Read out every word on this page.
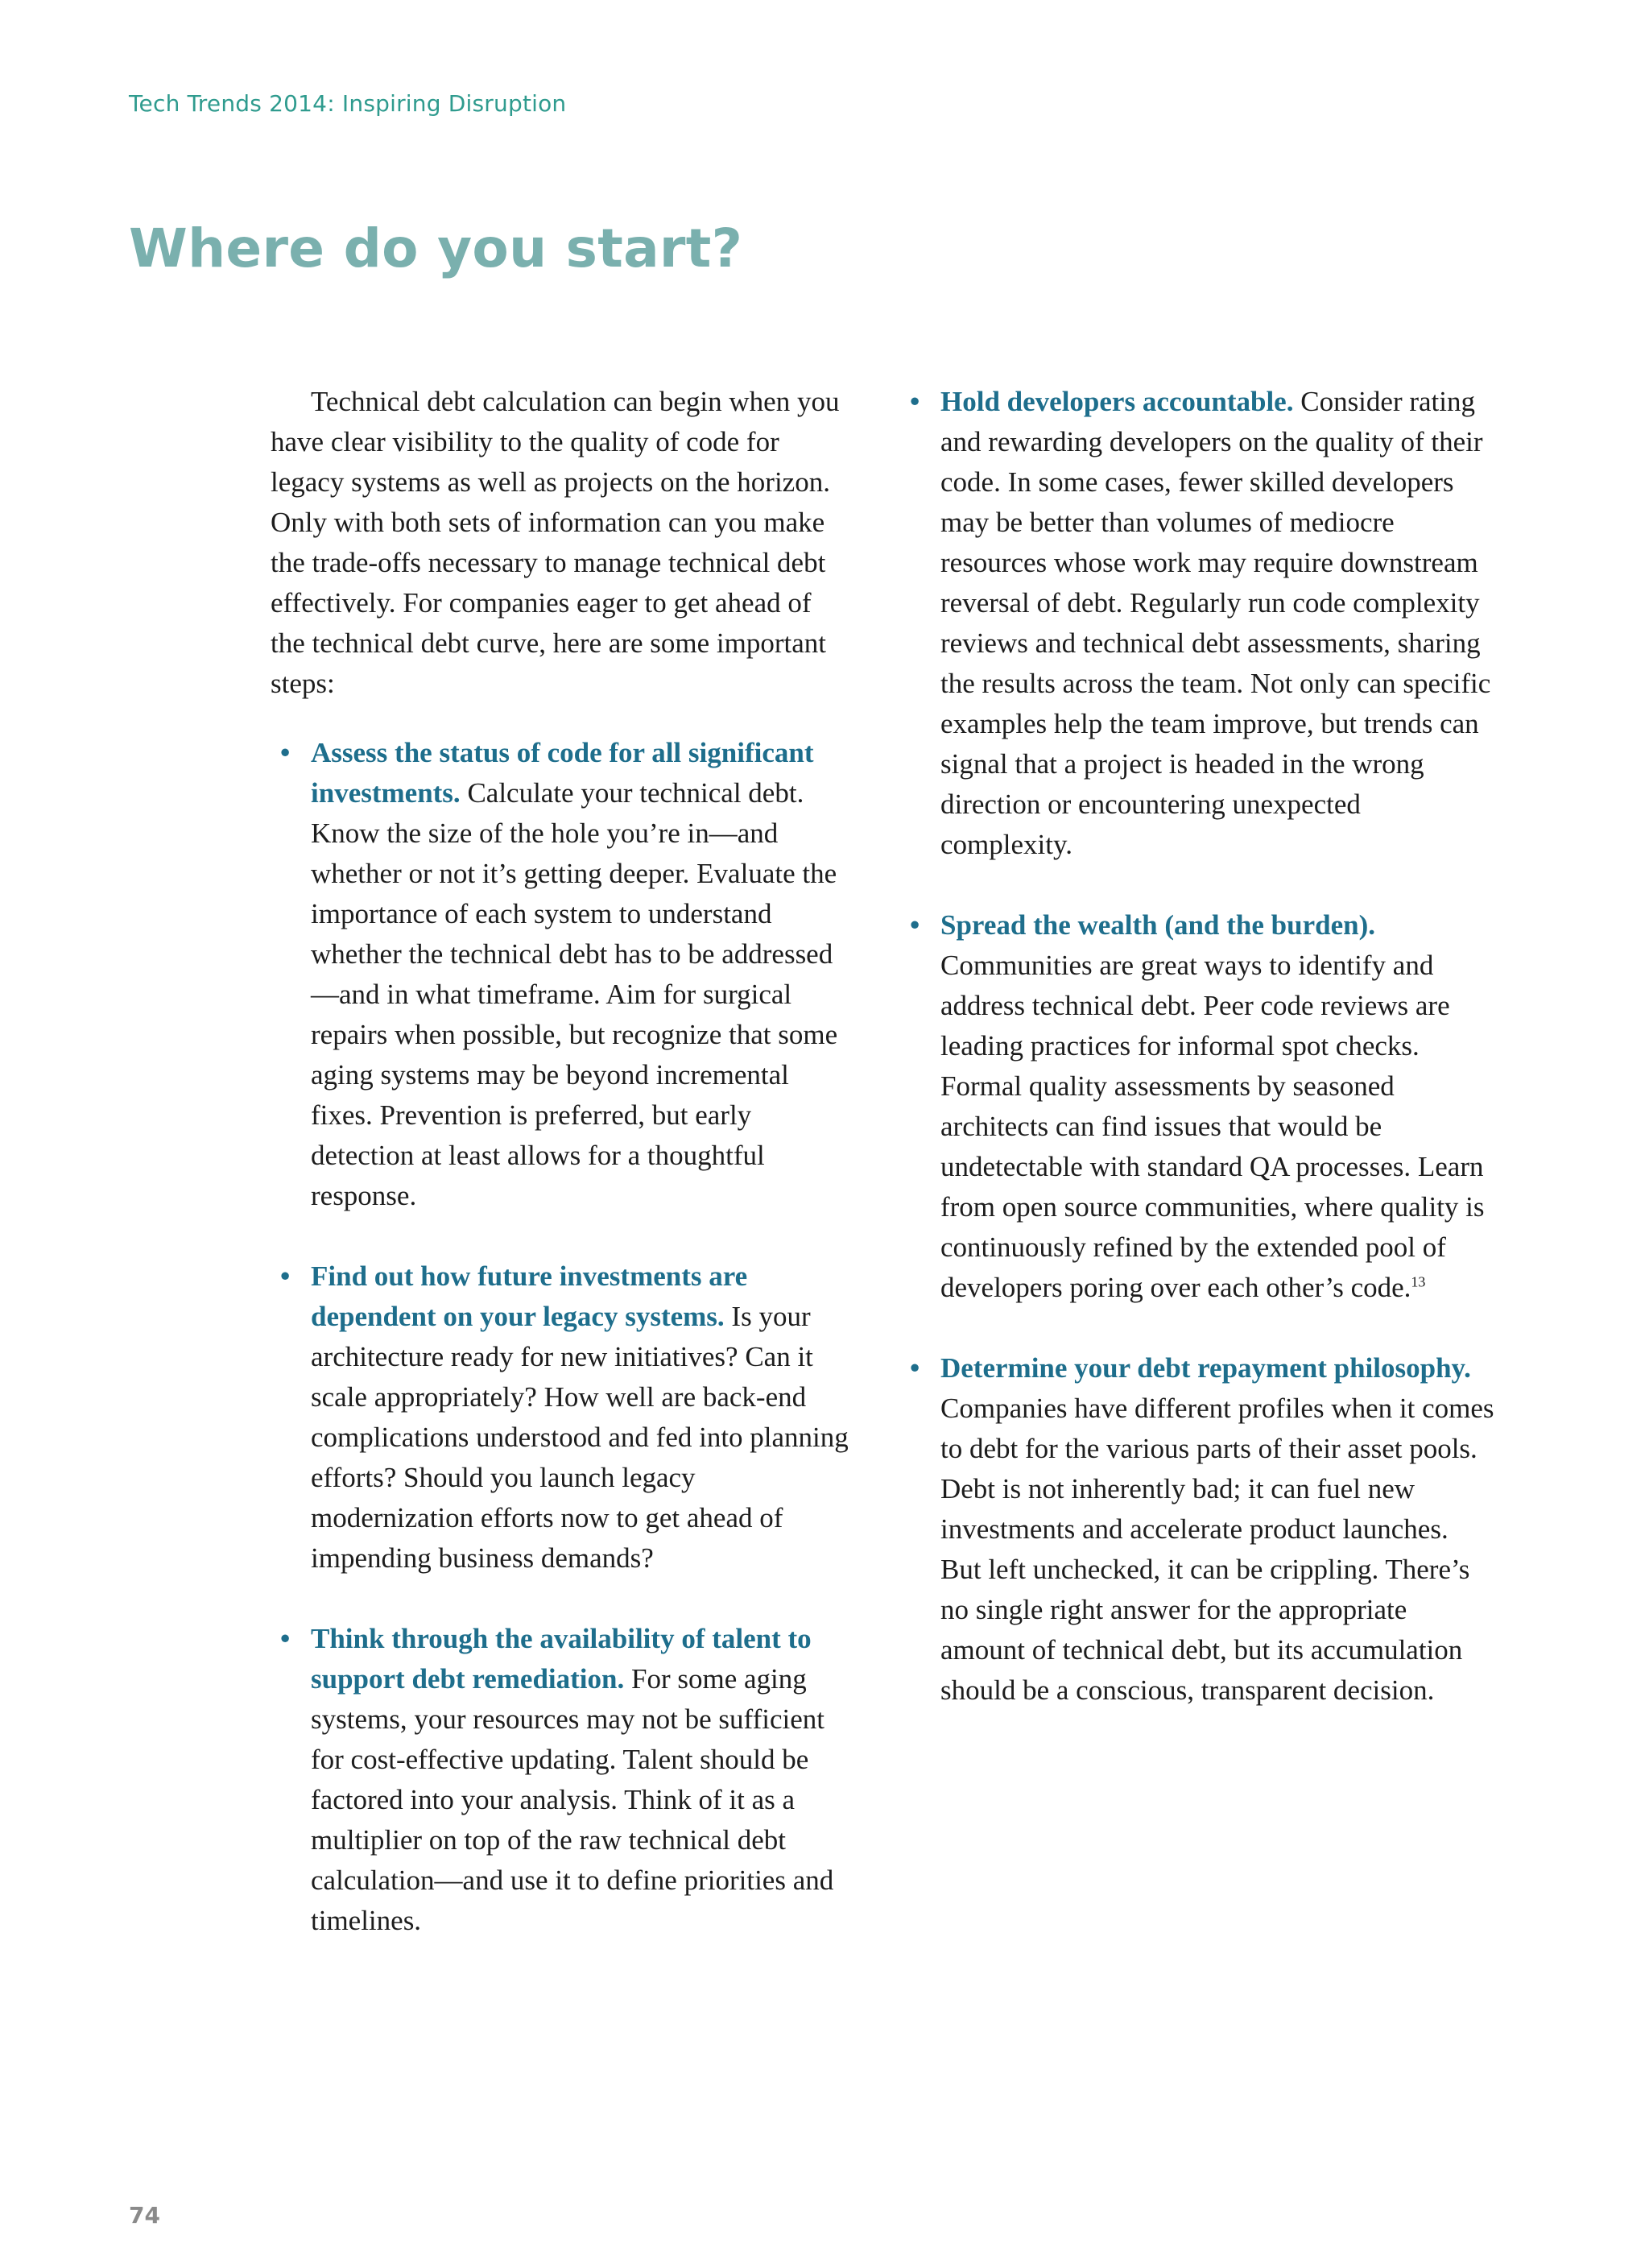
Tech Trends 2014: Inspiring Disruption
Where do you start?

Technical debt calculation can begin when you have clear visibility to the quality of code for legacy systems as well as projects on the horizon. Only with both sets of information can you make the trade-offs necessary to manage technical debt effectively. For companies eager to get ahead of the technical debt curve, here are some important steps:

• Assess the status of code for all significant investments. Calculate your technical debt. Know the size of the hole you’re in—and whether or not it’s getting deeper. Evaluate the importance of each system to understand whether the technical debt has to be addressed—and in what timeframe. Aim for surgical repairs when possible, but recognize that some aging systems may be beyond incremental fixes. Prevention is preferred, but early detection at least allows for a thoughtful response.

• Find out how future investments are dependent on your legacy systems. Is your architecture ready for new initiatives? Can it scale appropriately? How well are back-end complications understood and fed into planning efforts? Should you launch legacy modernization efforts now to get ahead of impending business demands?

• Think through the availability of talent to support debt remediation. For some aging systems, your resources may not be sufficient for cost-effective updating. Talent should be factored into your analysis. Think of it as a multiplier on top of the raw technical debt calculation—and use it to define priorities and timelines.

• Hold developers accountable. Consider rating and rewarding developers on the quality of their code. In some cases, fewer skilled developers may be better than volumes of mediocre resources whose work may require downstream reversal of debt. Regularly run code complexity reviews and technical debt assessments, sharing the results across the team. Not only can specific examples help the team improve, but trends can signal that a project is headed in the wrong direction or encountering unexpected complexity.

• Spread the wealth (and the burden). Communities are great ways to identify and address technical debt. Peer code reviews are leading practices for informal spot checks. Formal quality assessments by seasoned architects can find issues that would be undetectable with standard QA processes. Learn from open source communities, where quality is continuously refined by the extended pool of developers poring over each other’s code.$^{13}$

• Determine your debt repayment philosophy. Companies have different profiles when it comes to debt for the various parts of their asset pools. Debt is not inherently bad; it can fuel new investments and accelerate product launches. But left unchecked, it can be crippling. There’s no single right answer for the appropriate amount of technical debt, but its accumulation should be a conscious, transparent decision.

74
